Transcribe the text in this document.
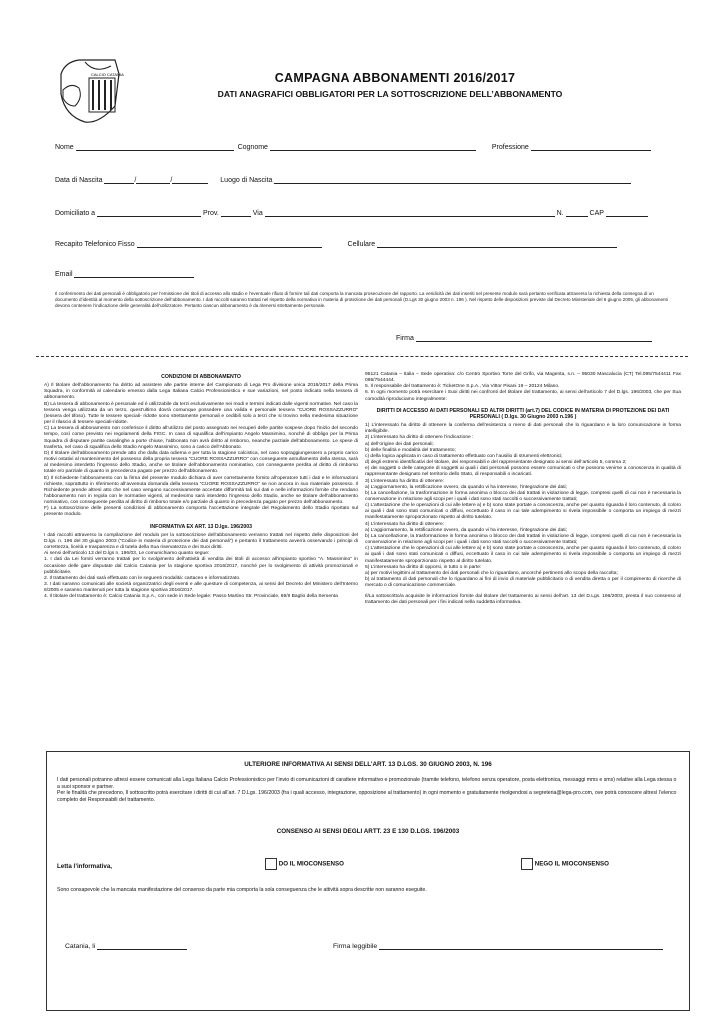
CALCIO CATANIA	CAMPAGNA ABBONAMENTI 2016/2017
DATI ANAGRAFICI OBBLIGATORI PER LA SOTTOSCRIZIONE DELL’ABBONAMENTO
Nome	Cognome	Professione
Data di Nascita	/	/	Luogo di Nascita
Domiciliato a	Prov.	Via	N.	CAP
Recapito Telefonico Fisso	Cellulare
Email
Il conferimento dei dati personali è obbligatorio per l’emissione dei titoli di accesso allo stadio e l’eventuale rifiuto di fornire tali dati comporta la mancata prosecuzione del rapporto. La veridicità dei dati inseriti nel presente modulo sarà pertanto verificata attraverso la richiesta della consegna di un documento d’identità al momento della sottoscrizione dell’abbonamento. I dati raccolti saranno trattati nel rispetto della normativa in materia di protezione dei dati personali (D.Lgs 30 giugno 2003 n. 196 ). Nel rispetto delle disposizioni previste dal Decreto Ministeriale del 6 giugno 2005, gli abbonamenti devono contenere l’indicazione delle generalità dell’utilizzatore. Pertanto ciascun abbonamento è da ritenersi strettamente personale.
Firma
CONDIZIONI DI ABBONAMENTO

A) Il titolare dell’abbonamento ha diritto ad assistere alle partite interne del Campionato di Lega Pro divisione unica 2016/2017 della Prima Squadra, in conformità al calendario emesso dalla Lega Italiana Calcio Professionistico e sue variazioni, nel posto indicato nella tessera di abbonamento.

B) La tessera di abbonamento è personale ed è utilizzabile da terzi esclusivamente nei modi e termini indicati dalle vigenti normative. Nel caso la tessera venga utilizzata da un terzo, quest’ultimo dovrà comunque possedere una valida e personale tessera “CUORE ROSSAZZURRO” (tessera del tifoso). Tutte le tessere speciali- ridotte sono strettamente personali e cedibili solo a terzi che si trovino nella medesima situazione per il rilascio di tessere speciali-ridotte.

C) La tessera di abbonamento non conferisce il diritto all’utilizzo del posto assegnato nei recuperi delle partite sospese dopo l’inizio del secondo tempo, così come previsto nei regolamenti della FIGC. In caso di squalifica dell’impianto Angelo Massimino, nonché di obbligo per la Prima Squadra di disputare partite casalinghe a porte chiuse, l’abbonato non avrà diritto al rimborso, neanche parziale dell’abbonamento. Le spese di trasferta, nel caso di squalifica dello Stadio Angelo Massimino, sono a carico dell’Abbonato.

D) Il titolare dell’abbonamento prende atto che dalla data odierna e per tutta la stagione calcistica, nel caso sopraggiungessero a proprio carico motivi ostativi al mantenimento del possesso della propria tessera “CUORE ROSSAZZURRO” con conseguente annullamento della stessa, sarà al medesimo interdetto l’ingresso dello Stadio, anche se titolare dell’abbonamento nominativo, con conseguente perdita al diritto di rimborso totale e/o parziale di quanto in precedenza pagato per prezzo dell’abbonamento.

E) Il richiedente l’abbonamento con la firma del presente modulo dichiara di aver correttamente fornito all’operatore tutti i dati e le informazioni richieste, soprattutto in riferimento all’avvenuta domanda della tessera “CUORE ROSSAZZURRO” se non ancora in suo materiale possesso. Il Richiedente prende altresì atto che nel caso vengano successivamente accertate difformità tali sui dati e nelle informazioni fornite che rendano l’abbonamento non in regola con le normative vigenti, al medesimo sarà interdetto l’ingresso dello Stadio, anche se titolare dell’abbonamento nominativo, con conseguente perdita al diritto di rimborso totale e/o parziale di quanto in precedenza pagato per prezzo dell’abbonamento.

F) La sottoscrizione delle presenti condizioni di abbonamento comporta l’accettazione integrale del Regolamento dello Stadio riportato sul presente modulo.

INFORMATIVA EX ART. 13 D.lgs. 196/2003

I dati raccolti attraverso la compilazione del modulo per la sottoscrizione dell’abbonamento verranno trattati nel rispetto delle disposizioni del D.lgs. n. 196 del 30 giugno 2003 (“Codice in materia di protezione dei dati personali”) e pertanto il trattamento avverrà osservando i principi di correttezza, liceità e trasparenza e di tutela della Sua riservatezza e dei Suoi diritti.

Ai sensi dell’articolo 13 del D.lgs n. 196/03, Le comunichiamo quanto segue:

1. I dati da Lei forniti verranno trattati per lo svolgimento dell’attività di vendita dei titoli di accesso all’impianto sportivo “A. Massimino” in occasione delle gare disputate dal Calcio Catania per la stagione sportiva 2016/2017, nonché per lo svolgimento di attività promozionali e pubblicitarie.

2. Il trattamento dei dati sarà effettuato con le seguenti modalità: cartaceo e informatizzato.

3. I dati saranno comunicati alle società organizzatrici degli eventi e alle questure di competenza, ai sensi del Decreto del Ministero dell’Interno 6/2005 e saranno mantenuti per tutta la stagione sportiva 2016/2017.

4. Il titolare del trattamento è: Calcio Catania S.p.A., con sede in Sede legale: Passo Martino Str. Provinciale, 69/II Baglio della Sementa

95121 Catania – Italia – Sede operativa: c/o Centro Sportivo Torre del Grifo, via Magenta, s.n. – 95030 Mascalucia (CT) Tel.095/7544411 Fax 095/7544444.

5. Il responsabile del trattamento è: TicketOne S.p.A., Via Vittor Pisani 19 – 20124 Milano.

6. In ogni momento potrà esercitare i Suoi diritti nei confronti del titolare del trattamento, ai sensi dell’articolo 7 del D.lgs. 196/2003, che per Sua comodità riproduciamo integralmente:

DIRITTI DI ACCESSO AI DATI PERSONALI ED ALTRI DIRITTI (art.7) DEL CODICE IN MATERIA DI PROTEZIONE DEI DATI PERSONALI ( D.lgs. 30 Giugno 2003 n.196 )

1) L’interessato ha diritto di ottenere la conferma dell’esistenza o meno di dati personali che lo riguardano e la loro comunicazione in forma intelligibile.

2) L’interessato ha diritto di ottenere l’indicazione :

a) dell’origine dei dati personali;

b) delle finalità e modalità del trattamento;

c) della logica applicata in caso di trattamento effettuato con l’ausilio di strumenti elettronici;

d) degli estremi identificativi del titolare, dei responsabili e del rappresentante designato ai sensi dell’articolo 5, comma 2;

e) dei soggetti o delle categorie di soggetti ai quali i dati personali possono essere comunicati o che possono venirne a conoscenza in qualità di rappresentante designato nel territorio dello Stato, di responsabili o incaricati.

3) L’interessato ha diritto di ottenere:

a) L’aggiornamento, la rettificazione ovvero, da quando vi ha interesse, l’integrazione dei dati;

b) La cancellazione, la trasformazione in forma anonima o blocco dei dati trattati in violazione di legge, compresi quelli di cui non è necessaria la conservazione in relazione agli scopi per i quali i dati sono stati raccolti o successivamente trattati;

c) L’attestazione che le operazioni di cui alle lettere a) e b) sono state portate a conoscenza, anche per quanto riguarda il loro contenuto, di coloro ai quali i dati sono stati comunicati o diffusi, eccettuato il caso in cui tale adempimento si rivela impossibile o comporta un impiego di mezzi manifestatamente sproporzionato rispetto al diritto tutelato.

4) L’interessato ha diritto di ottenere:

a) L’aggiornamento, la rettificazione ovvero, da quando vi ha interesse, l’integrazione dei dati;

b) La cancellazione, la trasformazione in forma anonima o blocco dei dati trattati in violazione di legge, compresi quelli di cui non è necessaria la conservazione in relazione agli scopi per i quali i dati sono stati raccolti o successivamente trattati;

c) L’attestazione che le operazioni di cui alle lettere a) e b) sono state portate a conoscenza, anche per quanto riguarda il loro contenuto, di coloro ai quali i dati sono stati comunicati o diffusi, eccettuato il caso in cui tale adempimento si rivela impossibile o comporta un impiego di mezzi manifestatamente sproporzionato rispetto al diritto tutelato.

5) L’interessato ha diritto di opporsi, in tutto o in parte:

a) per motivi legittimi al trattamento dei dati personali che lo riguardano, ancorché pertinenti allo scopo della raccolta;

b) al trattamento di dati personali che lo riguardano ai fini di invio di materiale pubblicitario o di vendita diretta o per il compimento di ricerche di mercato o di comunicazione commerciale.

Il/La sottoscritto/a acquisite le informazioni fornite dal titolare del trattamento ai sensi dell’art. 13 del D.Lgs. 196/2003, presta il suo consenso al trattamento dei dati personali per i fini indicati nella suddetta informativa.

ULTERIORE INFORMATIVA AI SENSI DELL’ART. 13 D.LGS. 30 GIUGNO 2003, N. 196
I dati personali potranno altresì essere comunicati alla Lega Italiana Calcio Professionistico per l’invio di comunicazioni di carattere informativo e promozionale (tramite telefono, telefono senza operatore, posta elettronica, messaggi mms e sms) relative alla Lega stessa o a suoi sponsor e partner.
Per le finalità che precedono, Il sottoscritto potrà esercitare i diritti di cui all’art. 7 D.Lgs. 196/2003 (fra i quali accesso, integrazione, opposizione al trattamento) in ogni momento e gratuitamente rivolgendosi a segreteria@lega-pro.com, ove potrà conoscere altresì l’elenco completo dei Responsabili del trattamento.
CONSENSO AI SENSI DEGLI ARTT. 23 E 130 D.LGS. 196/2003
Letta l’informativa,	DO IL MIOCONSENSO	NEGO IL MIOCONSENSO
Sono consapevole che la mancata manifestazione del consenso da parte mia comporta la sola conseguenza che le attività sopra descritte non saranno eseguite.
Catania, li	Firma leggibile
